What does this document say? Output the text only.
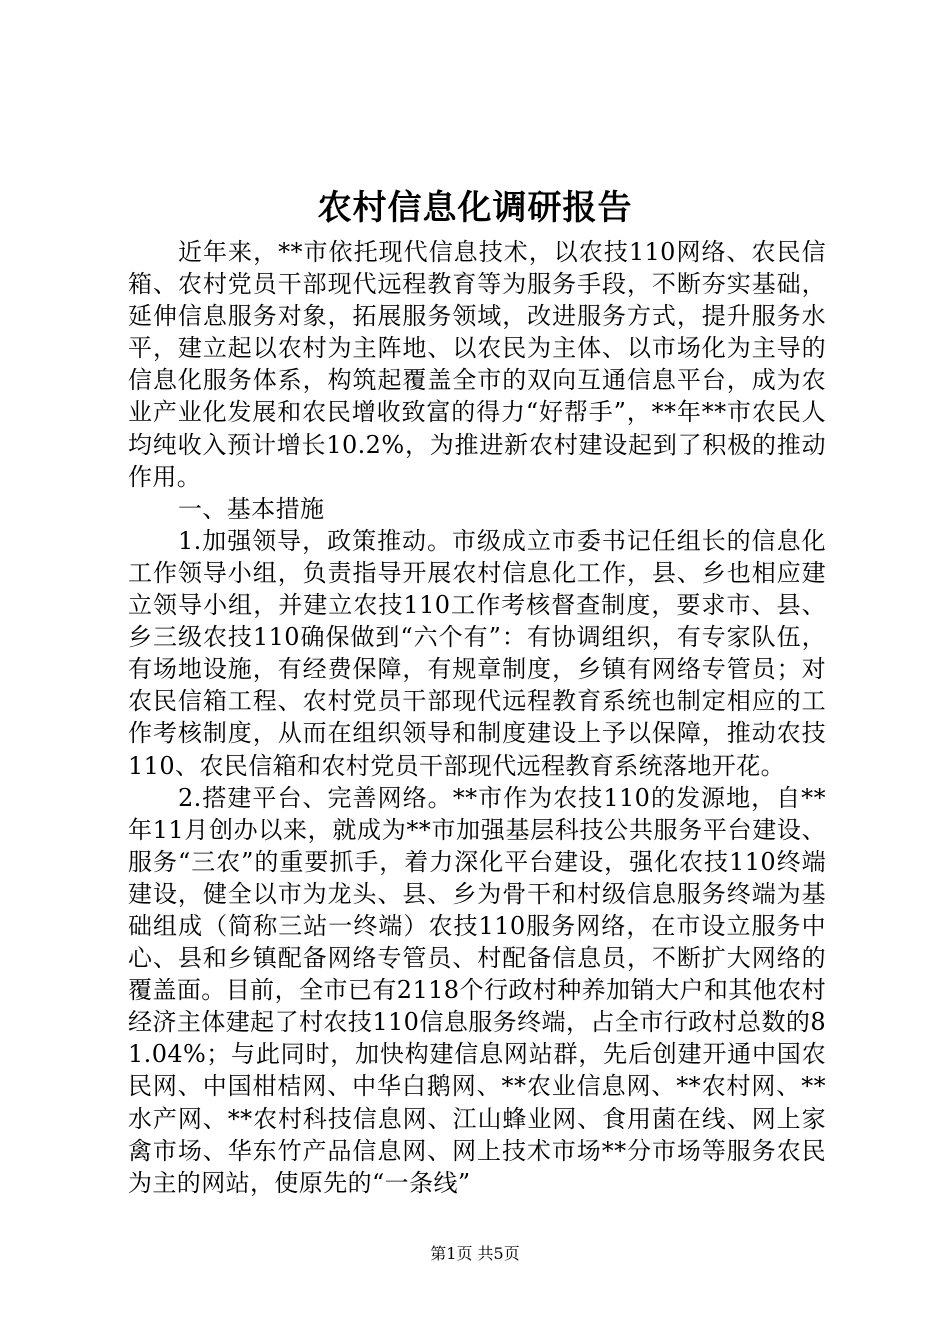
农村信息化调研报告

近年来，**市依托现代信息技术，以农技110网络、农民信箱、农村党员干部现代远程教育等为服务手段，不断夯实基础，延伸信息服务对象，拓展服务领域，改进服务方式，提升服务水平，建立起以农村为主阵地、以农民为主体、以市场化为主导的信息化服务体系，构筑起覆盖全市的双向互通信息平台，成为农业产业化发展和农民增收致富的得力“好帮手”，**年**市农民人均纯收入预计增长10.2%，为推进新农村建设起到了积极的推动作用。

一、基本措施

1.加强领导，政策推动。市级成立市委书记任组长的信息化工作领导小组，负责指导开展农村信息化工作，县、乡也相应建立领导小组，并建立农技110工作考核督查制度，要求市、县、乡三级农技110确保做到“六个有”：有协调组织，有专家队伍，有场地设施，有经费保障，有规章制度，乡镇有网络专管员；对农民信箱工程、农村党员干部现代远程教育系统也制定相应的工作考核制度，从而在组织领导和制度建设上予以保障，推动农技110、农民信箱和农村党员干部现代远程教育系统落地开花。

2.搭建平台、完善网络。**市作为农技110的发源地，自**年11月创办以来，就成为**市加强基层科技公共服务平台建设、服务“三农”的重要抓手，着力深化平台建设，强化农技110终端建设，健全以市为龙头、县、乡为骨干和村级信息服务终端为基础组成（简称三站一终端）农技110服务网络，在市设立服务中心、县和乡镇配备网络专管员、村配备信息员，不断扩大网络的覆盖面。目前，全市已有2118个行政村种养加销大户和其他农村经济主体建起了村农技110信息服务终端，占全市行政村总数的81.04%；与此同时，加快构建信息网站群，先后创建开通中国农民网、中国柑桔网、中华白鹅网、**农业信息网、**农村网、**水产网、**农村科技信息网、江山蜂业网、食用菌在线、网上家禽市场、华东竹产品信息网、网上技术市场**分市场等服务农民为主的网站，使原先的“一条线”

第1页 共5页
